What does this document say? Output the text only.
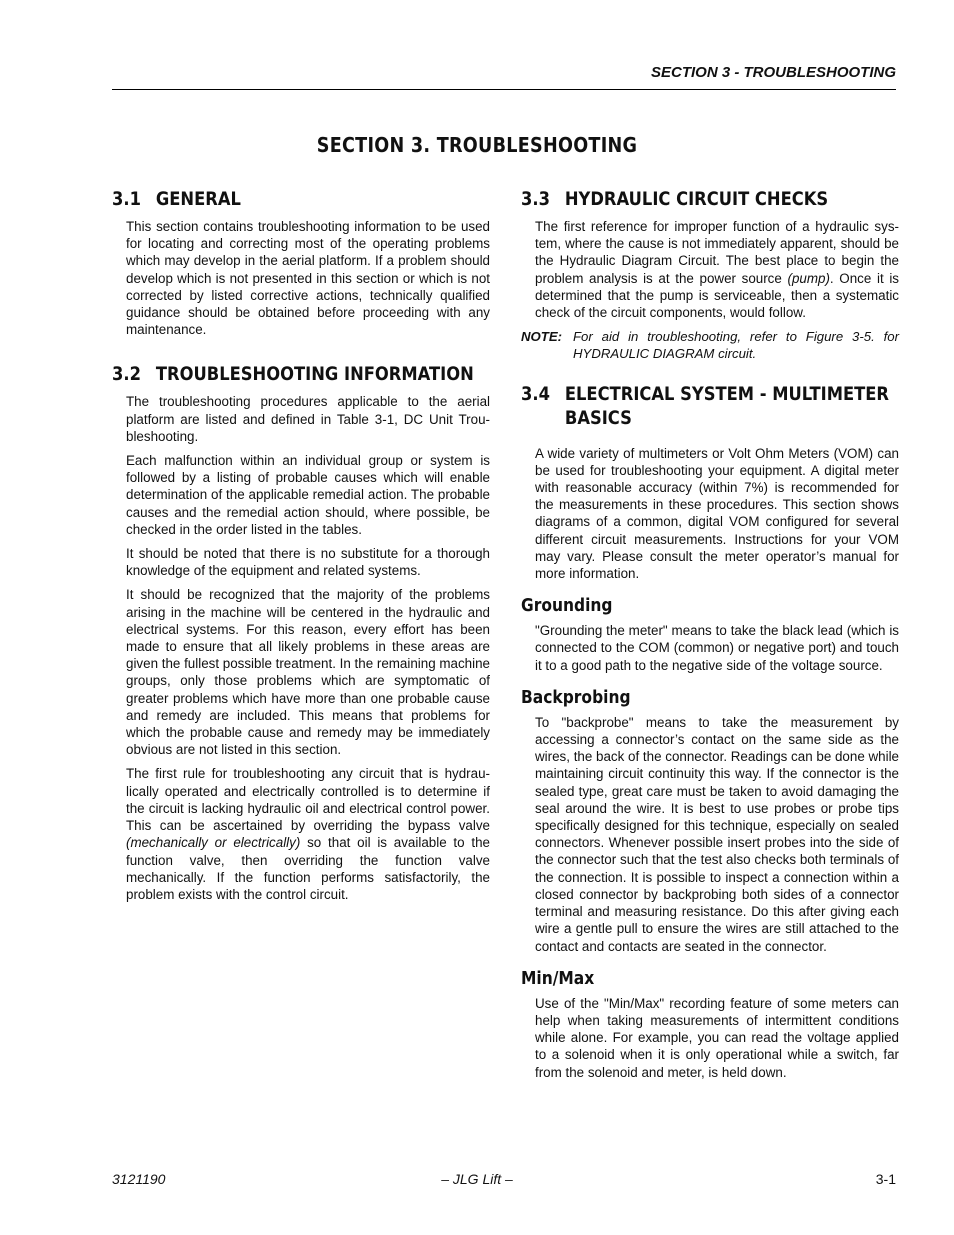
SECTION 3 - TROUBLESHOOTING
SECTION 3. TROUBLESHOOTING
3.1 GENERAL

This section contains troubleshooting information to be used for locating and correcting most of the operating problems which may develop in the aerial platform. If a problem should develop which is not presented in this section or which is not corrected by listed corrective actions, technically qualified guidance should be obtained before proceeding with any maintenance.

3.2 TROUBLESHOOTING INFORMATION

The troubleshooting procedures applicable to the aerial platform are listed and defined in Table 3-1, DC Unit Troubleshooting.

Each malfunction within an individual group or system is followed by a listing of probable causes which will enable determination of the applicable remedial action. The probable causes and the remedial action should, where possible, be checked in the order listed in the tables.

It should be noted that there is no substitute for a thorough knowledge of the equipment and related systems.

It should be recognized that the majority of the problems arising in the machine will be centered in the hydraulic and electrical systems. For this reason, every effort has been made to ensure that all likely problems in these areas are given the fullest possible treatment. In the remaining machine groups, only those problems which are symptomatic of greater problems which have more than one probable cause and remedy are included. This means that problems for which the probable cause and remedy may be immediately obvious are not listed in this section.

The first rule for troubleshooting any circuit that is hydraulically operated and electrically controlled is to determine if the circuit is lacking hydraulic oil and electrical control power. This can be ascertained by overriding the bypass valve (mechanically or electrically) so that oil is available to the function valve, then overriding the function valve mechanically. If the function performs satisfactorily, the problem exists with the control circuit.

3.3 HYDRAULIC CIRCUIT CHECKS

The first reference for improper function of a hydraulic system, where the cause is not immediately apparent, should be the Hydraulic Diagram Circuit. The best place to begin the problem analysis is at the power source (pump). Once it is determined that the pump is serviceable, then a systematic check of the circuit components, would follow.

NOTE: For aid in troubleshooting, refer to Figure 3-5. for HYDRAULIC DIAGRAM circuit.
3.4 ELECTRICAL SYSTEM - MULTIMETER
BASICS

A wide variety of multimeters or Volt Ohm Meters (VOM) can be used for troubleshooting your equipment. A digital meter with reasonable accuracy (within 7%) is recommended for the measurements in these procedures. This section shows diagrams of a common, digital VOM configured for several different circuit measurements. Instructions for your VOM may vary. Please consult the meter operator’s manual for more information.

Grounding

"Grounding the meter" means to take the black lead (which is connected to the COM (common) or negative port) and touch it to a good path to the negative side of the voltage source.

Backprobing

To "backprobe" means to take the measurement by accessing a connector’s contact on the same side as the wires, the back of the connector. Readings can be done while maintaining circuit continuity this way. If the connector is the sealed type, great care must be taken to avoid damaging the seal around the wire. It is best to use probes or probe tips specifically designed for this technique, especially on sealed connectors. Whenever possible insert probes into the side of the connector such that the test also checks both terminals of the connection. It is possible to inspect a connection within a closed connector by backprobing both sides of a connector terminal and measuring resistance. Do this after giving each wire a gentle pull to ensure the wires are still attached to the contact and contacts are seated in the connector.

Min/Max

Use of the "Min/Max" recording feature of some meters can help when taking measurements of intermittent conditions while alone. For example, you can read the voltage applied to a solenoid when it is only operational while a switch, far from the solenoid and meter, is held down.

3121190	– JLG Lift –	3-1
